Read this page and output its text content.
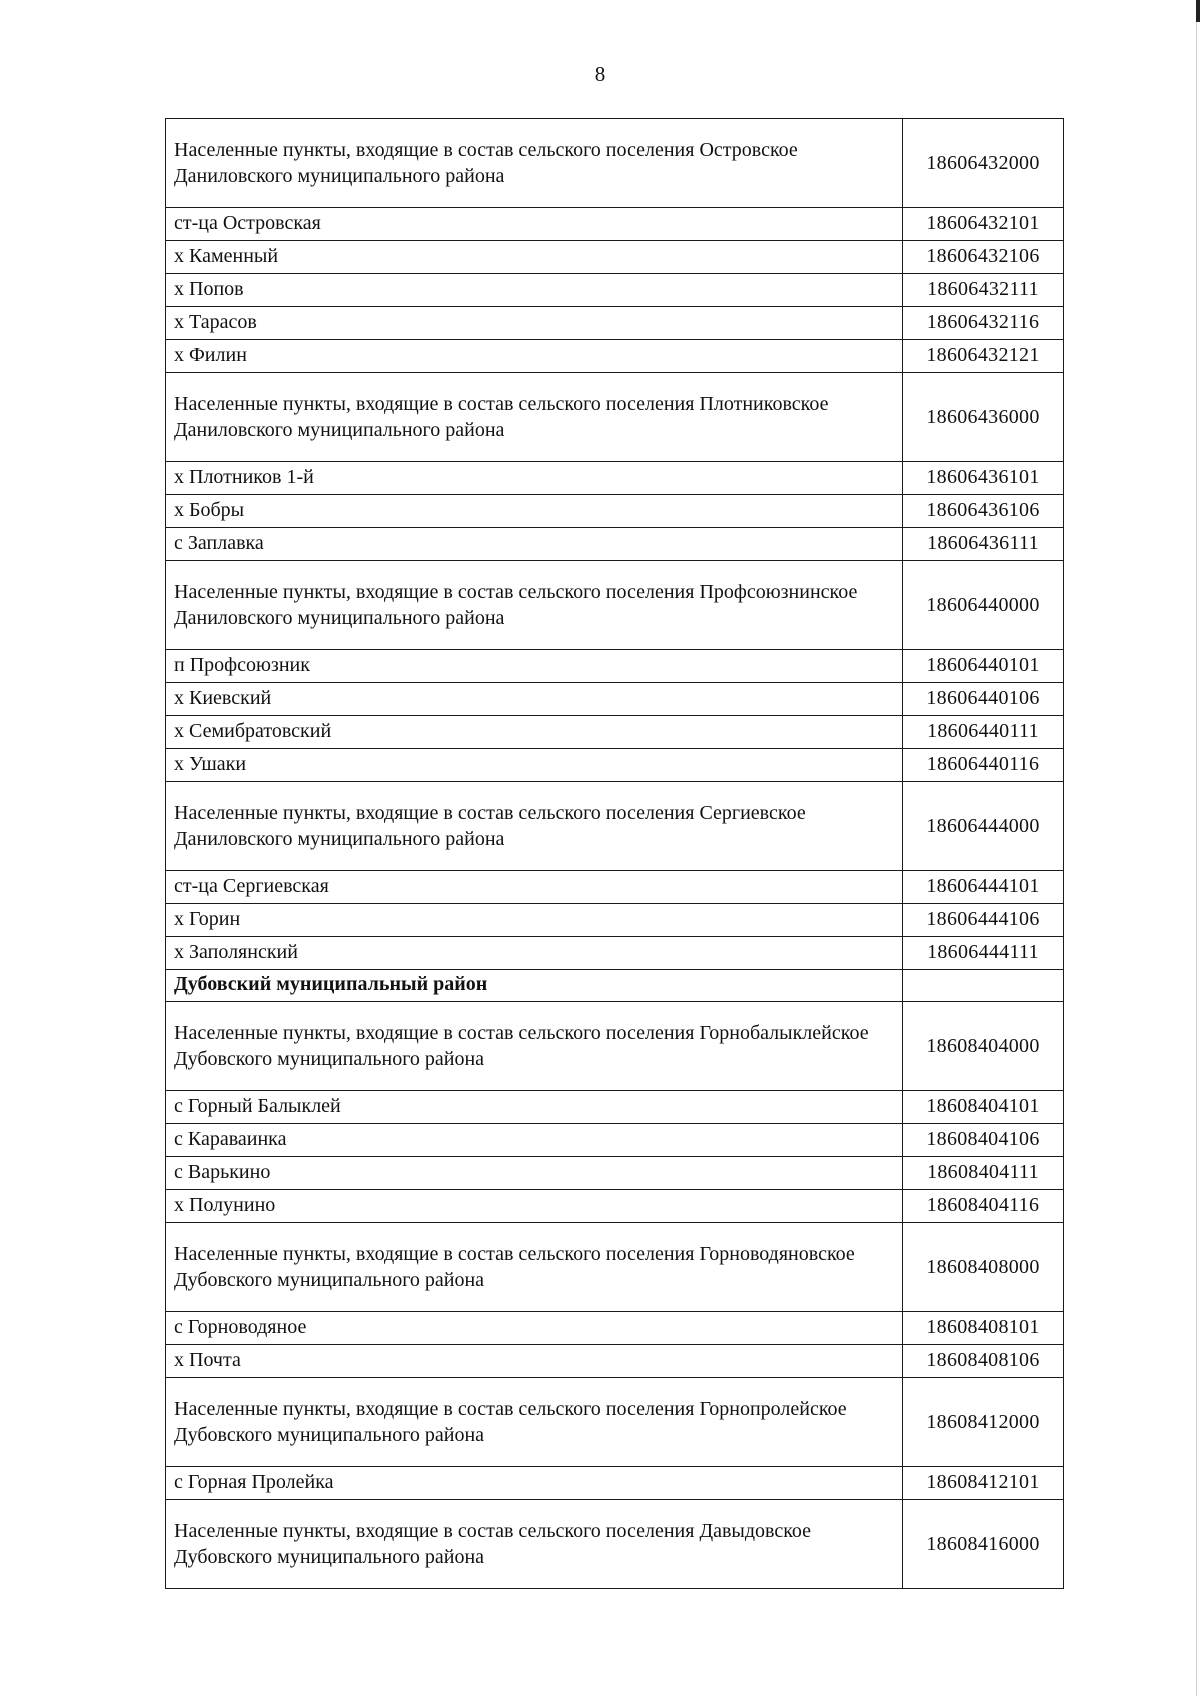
8
Населенные пункты, входящие в состав сельского поселения Островское Даниловского муниципального района	18606432000
ст-ца Островская	18606432101
х Каменный	18606432106
х Попов	18606432111
х Тарасов	18606432116
х Филин	18606432121
Населенные пункты, входящие в состав сельского поселения Плотниковское Даниловского муниципального района	18606436000
х Плотников 1-й	18606436101
х Бобры	18606436106
с Заплавка	18606436111
Населенные пункты, входящие в состав сельского поселения Профсоюзнинское Даниловского муниципального района	18606440000
п Профсоюзник	18606440101
х Киевский	18606440106
х Семибратовский	18606440111
х Ушаки	18606440116
Населенные пункты, входящие в состав сельского поселения Сергиевское Даниловского муниципального района	18606444000
ст-ца Сергиевская	18606444101
х Горин	18606444106
х Заполянский	18606444111
Дубовский муниципальный район	
Населенные пункты, входящие в состав сельского поселения Горнобалыклейское Дубовского муниципального района	18608404000
с Горный Балыклей	18608404101
с Караваинка	18608404106
с Варькино	18608404111
х Полунино	18608404116
Населенные пункты, входящие в состав сельского поселения Горноводяновское Дубовского муниципального района	18608408000
с Горноводяное	18608408101
х Почта	18608408106
Населенные пункты, входящие в состав сельского поселения Горнопролейское Дубовского муниципального района	18608412000
с Горная Пролейка	18608412101
Населенные пункты, входящие в состав сельского поселения Давыдовское Дубовского муниципального района	18608416000
